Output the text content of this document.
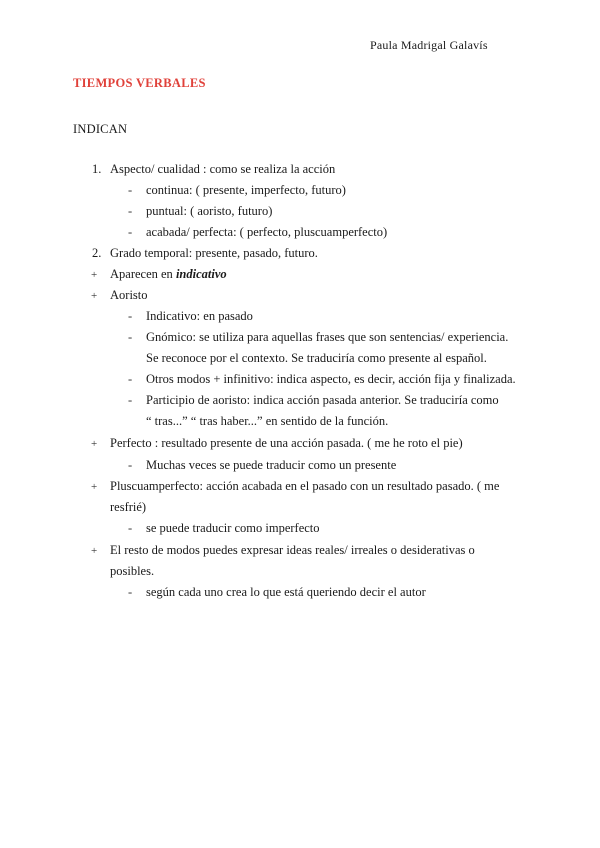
Paula Madrigal Galavís
TIEMPOS VERBALES
INDICAN
1. Aspecto/ cualidad : como se realiza la acción
- continua: ( presente, imperfecto, futuro)
- puntual: ( aoristo, futuro)
- acabada/ perfecta: ( perfecto, pluscuamperfecto)
2. Grado temporal: presente, pasado, futuro.
+ Aparecen en indicativo
+ Aoristo
- Indicativo: en pasado
- Gnómico: se utiliza para aquellas frases que son sentencias/ experiencia.
Se reconoce por el contexto. Se traduciría como presente al español.
- Otros modos + infinitivo: indica aspecto, es decir, acción fija y finalizada.
- Participio de aoristo: indica acción pasada anterior. Se traduciría como
“ tras...” “ tras haber...” en sentido de la función.
+ Perfecto : resultado presente de una acción pasada. ( me he roto el pie)
- Muchas veces se puede traducir como un presente
+ Pluscuamperfecto: acción acabada en el pasado con un resultado pasado. ( me
resfrié)
- se puede traducir como imperfecto
+ El resto de modos puedes expresar ideas reales/ irreales o desiderativas o
posibles.
- según cada uno crea lo que está queriendo decir el autor
